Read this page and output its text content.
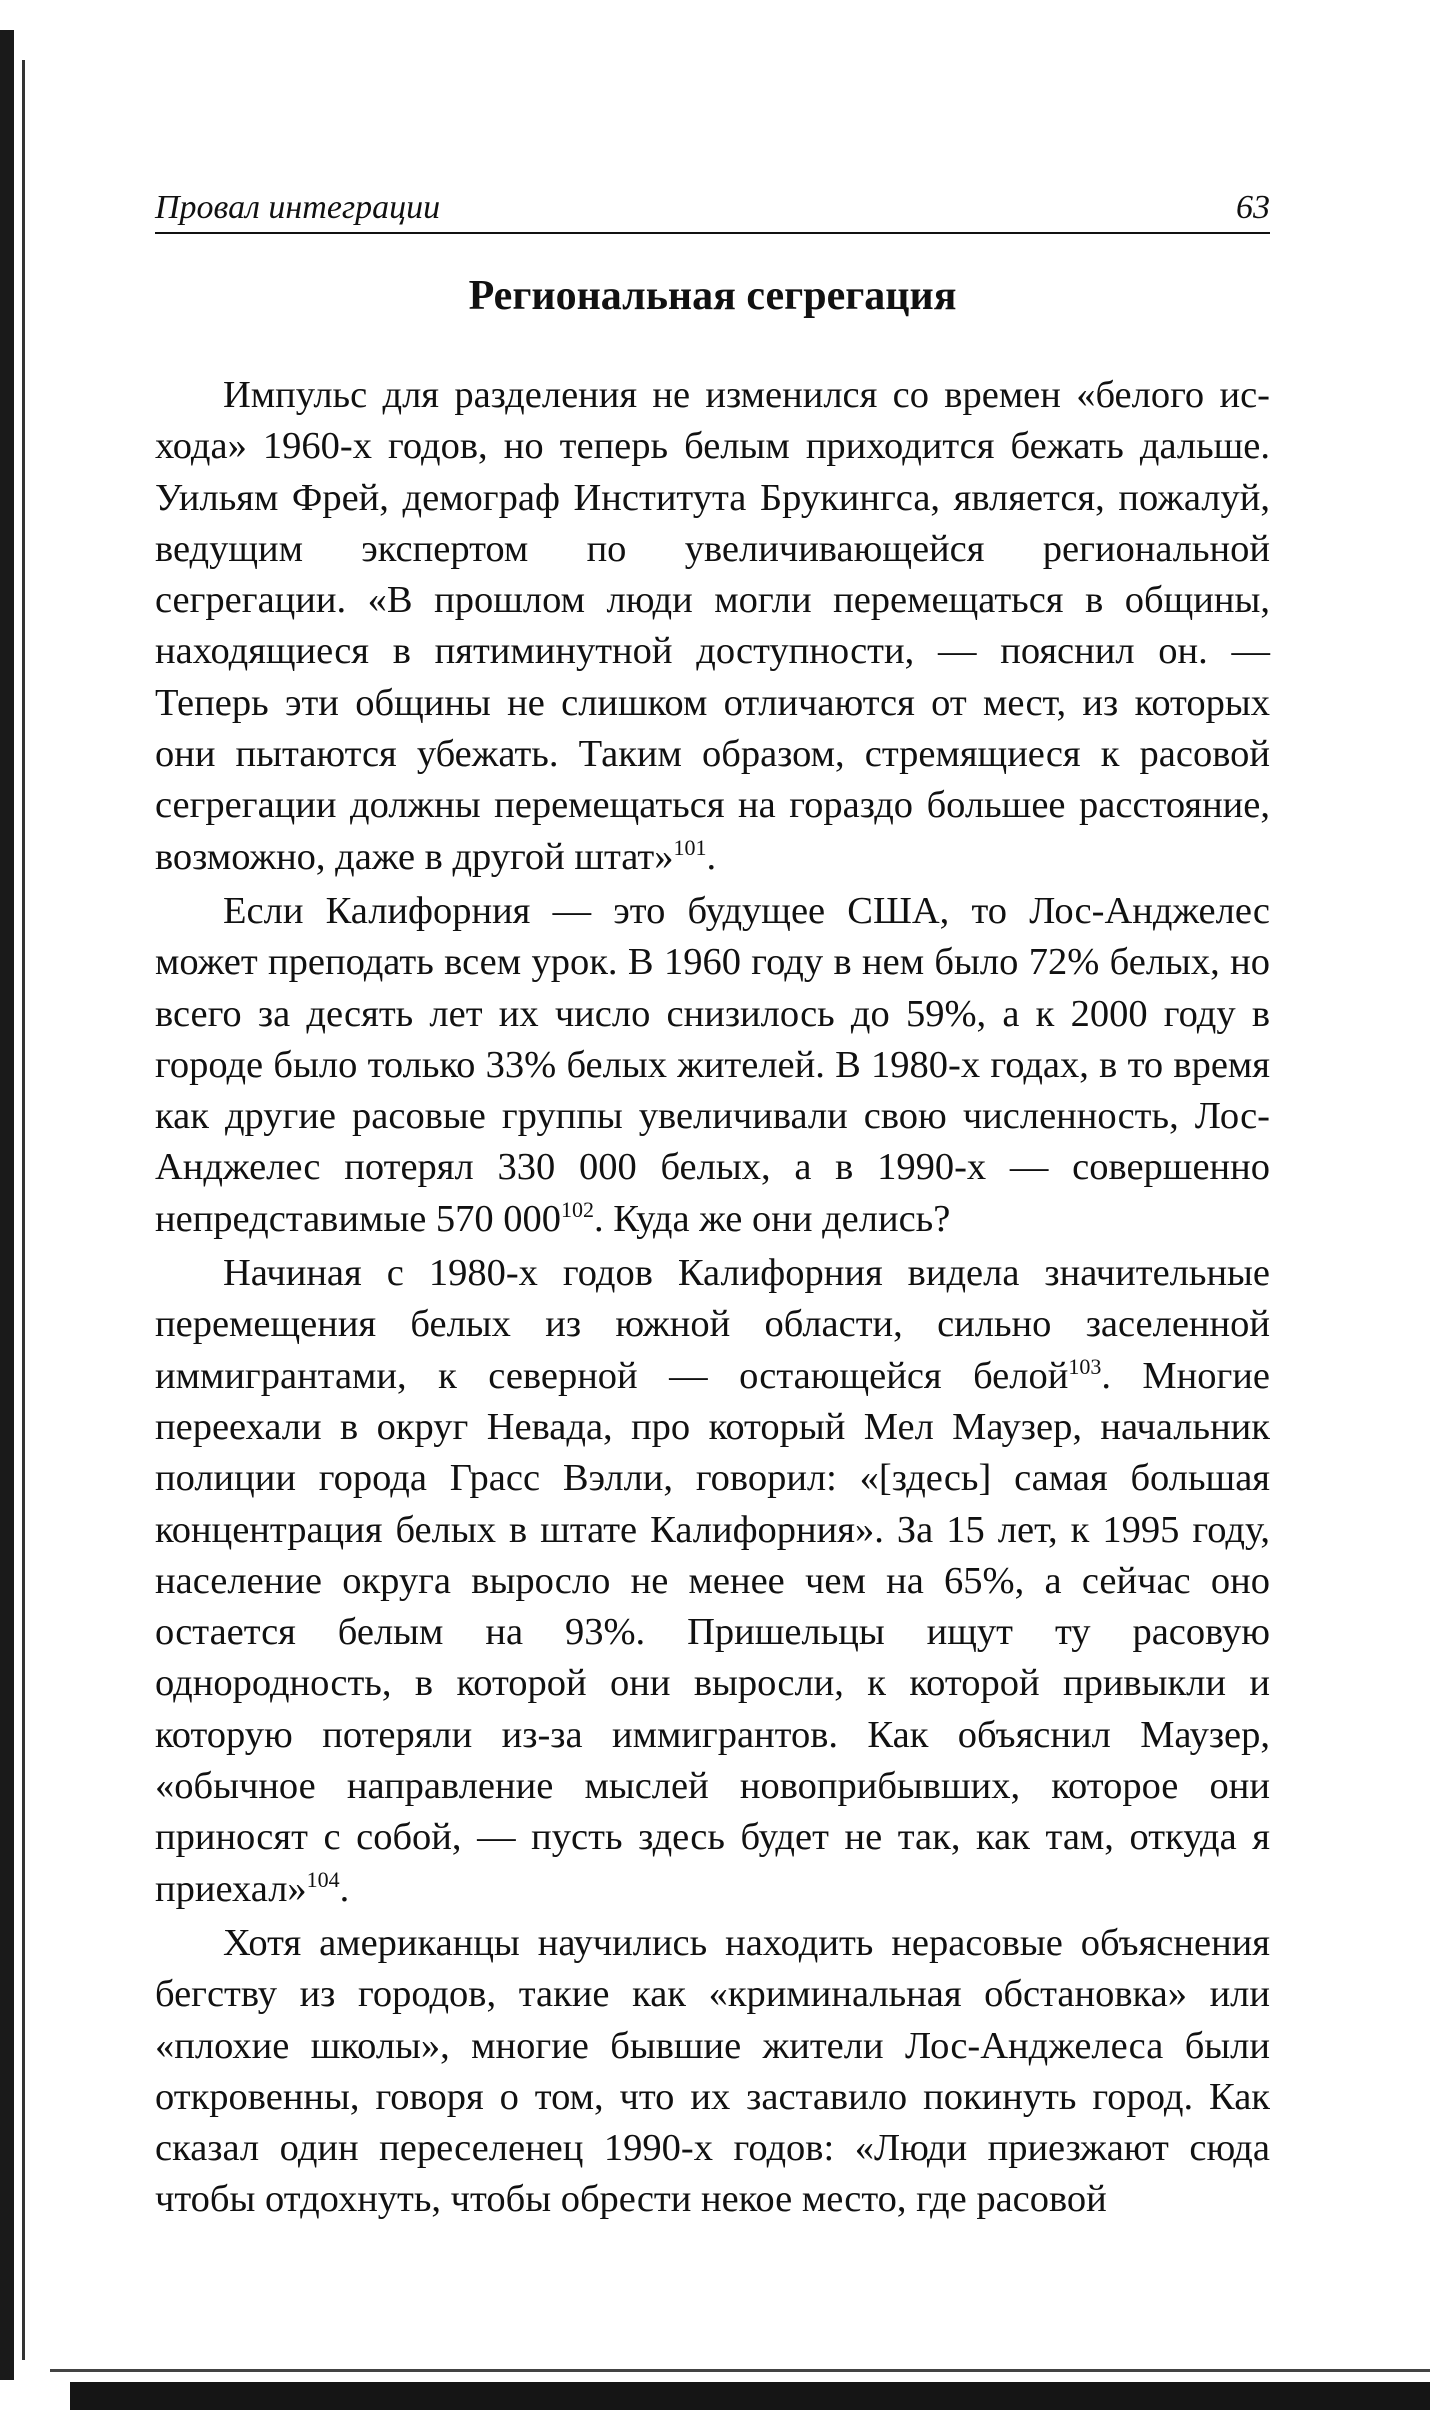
Провал интеграции	63
Региональная сегрегация

Импульс для разделения не изменился со времен «белого исхода» 1960-х годов, но теперь белым приходится бежать дальше. Уильям Фрей, демограф Института Брукингса, является, пожалуй, ведущим экспертом по увеличивающейся региональной сегрегации. «В прошлом люди могли перемещаться в общины, находящиеся в пятиминутной доступности, — пояснил он. — Теперь эти общины не слишком отличаются от мест, из которых они пытаются убежать. Таким образом, стремящиеся к расовой сегрегации должны перемещаться на гораздо большее расстояние, возможно, даже в другой штат»$^{101}$.

Если Калифорния — это будущее США, то Лос-Анджелес может преподать всем урок. В 1960 году в нем было 72% белых, но всего за десять лет их число снизилось до 59%, а к 2000 году в городе было только 33% белых жителей. В 1980-х годах, в то время как другие расовые группы увеличивали свою численность, Лос-Анджелес потерял 330 000 белых, а в 1990-х — совершенно непредставимые 570 $000^{102}$. Куда же они делись?

Начиная с 1980-х годов Калифорния видела значительные перемещения белых из южной области, сильно заселенной иммигрантами, к северной — остающейся белой$^{103}$. Многие переехали в округ Невада, про который Мел Маузер, начальник полиции города Грасс Вэлли, говорил: «[здесь] самая большая концентрация белых в штате Калифорния». За 15 лет, к 1995 году, население округа выросло не менее чем на 65%, а сейчас оно остается белым на 93%. Пришельцы ищут ту расовую однородность, в которой они выросли, к которой привыкли и которую потеряли из-за иммигрантов. Как объяснил Маузер, «обычное направление мыслей новоприбывших, которое они приносят с собой, — пусть здесь будет не так, как там, откуда я приехал»$^{104}$.

Хотя американцы научились находить нерасовые объяснения бегству из городов, такие как «криминальная обстановка» или «плохие школы», многие бывшие жители Лос-Анджелеса были откровенны, говоря о том, что их заставило покинуть город. Как сказал один переселенец 1990-х годов: «Люди приезжают сюда чтобы отдохнуть, чтобы обрести некое место, где расовой
